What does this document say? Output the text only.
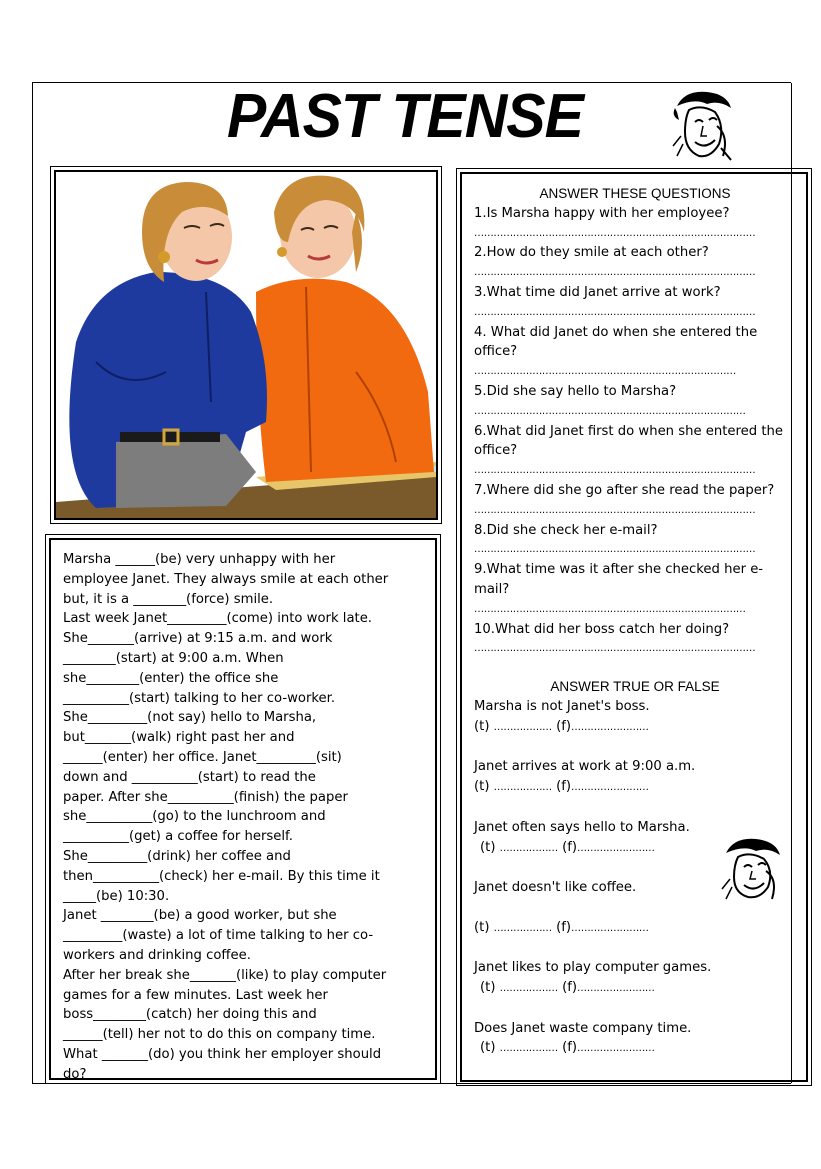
PAST TENSE

Marsha ______(be) very unhappy with her

employee Janet. They always smile at each other

but, it is a ________(force) smile.

Last week Janet_________(come) into work late.

She_______(arrive) at 9:15 a.m. and work

________(start) at 9:00 a.m. When

she________(enter) the office she

__________(start) talking to her co-worker.

She_________(not say) hello to Marsha,

but_______(walk) right past her and

______(enter) her office. Janet_________(sit)

down and __________(start) to read the

paper. After she__________(finish) the paper

she__________(go) to the lunchroom and

__________(get) a coffee for herself.

She_________(drink) her coffee and

then__________(check) her e-mail. By this time it

_____(be) 10:30.

Janet ________(be) a good worker, but she

_________(waste) a lot of time talking to her co-

workers and drinking coffee.

After her break she_______(like) to play computer

games for a few minutes. Last week her

boss________(catch) her doing this and

______(tell) her not to do this on company time.

What _______(do) you think her employer should

do?

ANSWER THESE QUESTIONS

1.Is Marsha happy with her employee?

……………………………………………………………………………

2.How do they smile at each other?

……………………………………………………………………………

3.What time did Janet arrive at work?

……………………………………………………………………………

4. What did Janet do when she entered the office?

………………………………………………………………………

5.Did she say hello to Marsha?

…………………………………………………………………………

6.What did Janet first do when she entered the office?

……………………………………………………………………………

7.Where did she go after she read the paper?

……………………………………………………………………………

8.Did she check her e-mail?

……………………………………………………………………………

9.What time was it after she checked her e-mail?

…………………………………………………………………………

10.What did her boss catch her doing?

……………………………………………………………………………

ANSWER TRUE OR FALSE

Marsha is not Janet's boss.

(t) ……………… (f)……………………

Janet arrives at work at 9:00 a.m.

(t) ……………… (f)……………………

Janet often says hello to Marsha.

(t) ……………… (f)……………………

Janet doesn't like coffee.

(t) ……………… (f)……………………

Janet likes to play computer games.

(t) ……………… (f)……………………

Does Janet waste company time.

(t) ……………… (f)……………………
